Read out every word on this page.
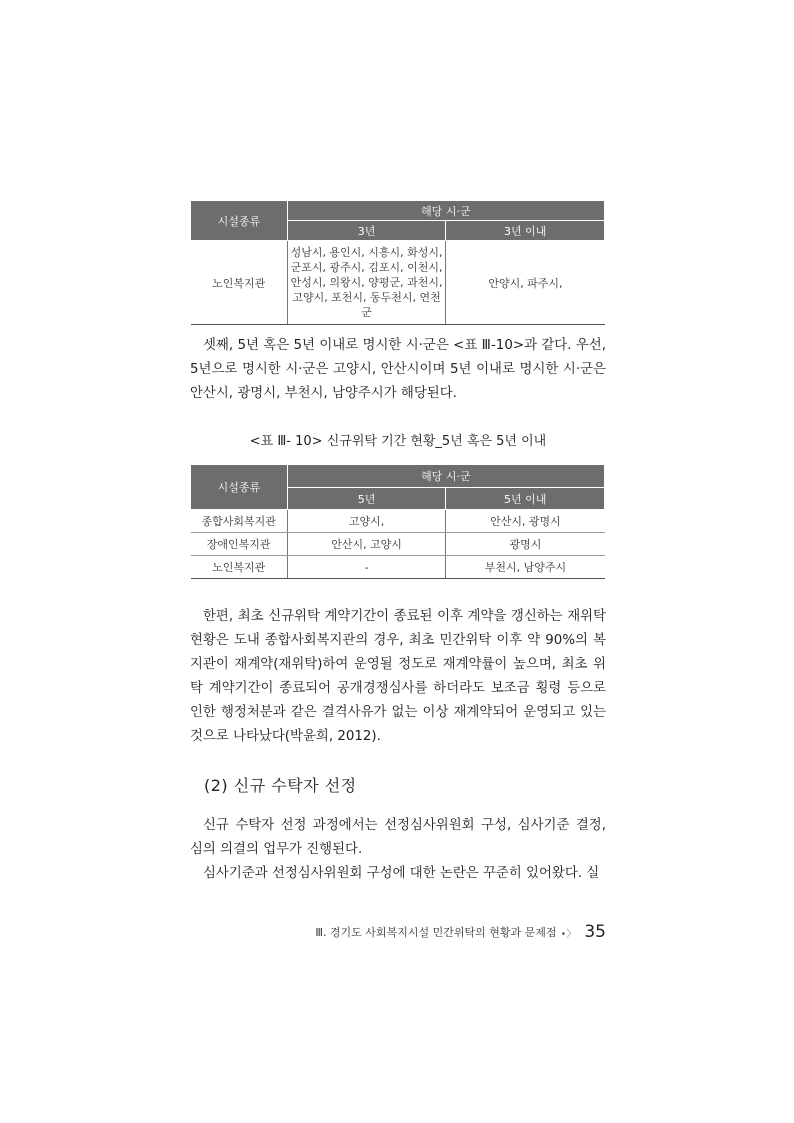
시설종류	해당 시·군	
	3년	3년 이내
노인복지관	성남시, 용인시, 시흥시, 화성시,
군포시, 광주시, 김포시, 이천시,
안성시, 의왕시, 양평군, 과천시,
고양시, 포천시, 동두천시, 연천군	안양시, 파주시,

셋째, 5년 혹은 5년 이내로 명시한 시·군은 <표 Ⅲ-10>과 같다. 우선, 5년으로 명시한 시·군은 고양시, 안산시이며 5년 이내로 명시한 시·군은 안산시, 광명시, 부천시, 남양주시가 해당된다.

<표 Ⅲ- 10> 신규위탁 기간 현황_5년 혹은 5년 이내
시설종류	해당 시·군	
	5년	5년 이내
종합사회복지관	고양시,	안산시, 광명시
장애인복지관	안산시, 고양시	광명시
노인복지관	-	부천시, 남양주시

한편, 최초 신규위탁 계약기간이 종료된 이후 계약을 갱신하는 재위탁 현황은 도내 종합사회복지관의 경우, 최초 민간위탁 이후 약 90%의 복지관이 재계약(재위탁)하여 운영될 정도로 재계약률이 높으며, 최초 위탁 계약기간이 종료되어 공개경쟁심사를 하더라도 보조금 횡령 등으로 인한 행정처분과 같은 결격사유가 없는 이상 재계약되어 운영되고 있는 것으로 나타났다(박윤희, 2012).

(2) 신규 수탁자 선정

신규 수탁자 선정 과정에서는 선정심사위원회 구성, 심사기준 결정, 심의 의결의 업무가 진행된다.

심사기준과 선정심사위원회 구성에 대한 논란은 꾸준히 있어왔다. 실

Ⅲ. 경기도 사회복지시설 민간위탁의 현황과 문제점 •〉 35
